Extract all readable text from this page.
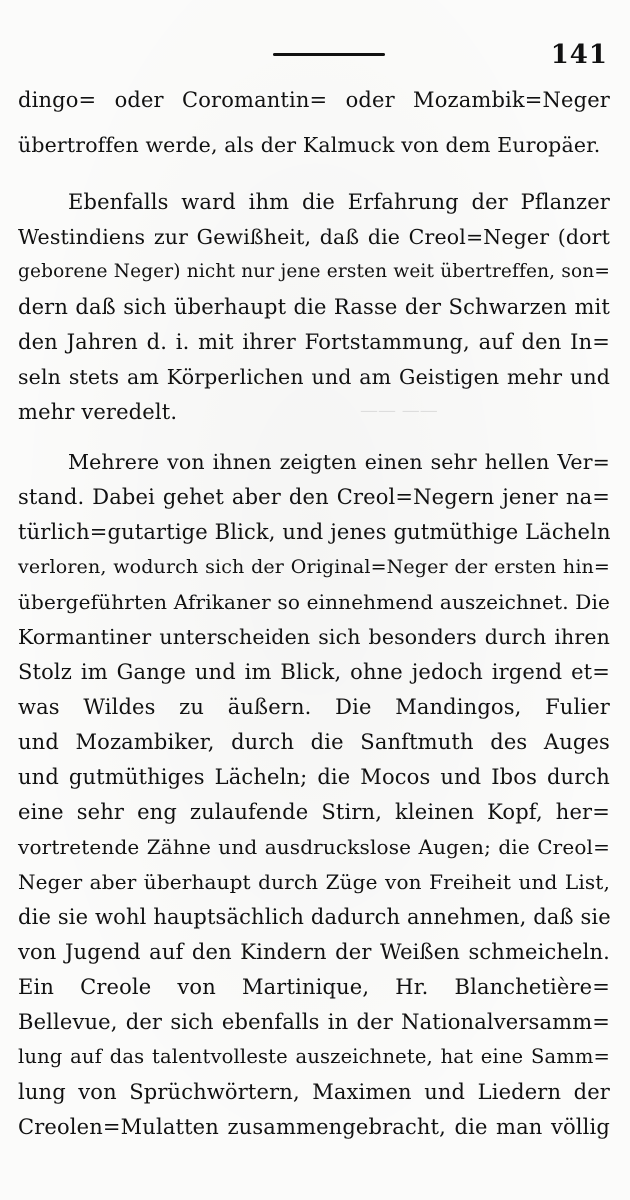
141
—— ——
dingo= oder Coromantin= oder Mozambik=Neger
übertroffen werde, als der Kalmuck von dem Europäer.
Ebenfalls ward ihm die Erfahrung der Pflanzer
Westindiens zur Gewißheit, daß die Creol=Neger (dort
geborene Neger) nicht nur jene ersten weit übertreffen, son=
dern daß sich überhaupt die Rasse der Schwarzen mit
den Jahren d. i. mit ihrer Fortstammung, auf den In=
seln stets am Körperlichen und am Geistigen mehr und
mehr veredelt.
Mehrere von ihnen zeigten einen sehr hellen Ver=
stand. Dabei gehet aber den Creol=Negern jener na=
türlich=gutartige Blick, und jenes gutmüthige Lächeln
verloren, wodurch sich der Original=Neger der ersten hin=
übergeführten Afrikaner so einnehmend auszeichnet. Die
Kormantiner unterscheiden sich besonders durch ihren
Stolz im Gange und im Blick, ohne jedoch irgend et=
was Wildes zu äußern. Die Mandingos, Fulier
und Mozambiker, durch die Sanftmuth des Auges
und gutmüthiges Lächeln; die Mocos und Ibos durch
eine sehr eng zulaufende Stirn, kleinen Kopf, her=
vortretende Zähne und ausdruckslose Augen; die Creol=
Neger aber überhaupt durch Züge von Freiheit und List,
die sie wohl hauptsächlich dadurch annehmen, daß sie
von Jugend auf den Kindern der Weißen schmeicheln.
Ein Creole von Martinique, Hr. Blanchetière=
Bellevue, der sich ebenfalls in der Nationalversamm=
lung auf das talentvolleste auszeichnete, hat eine Samm=
lung von Sprüchwörtern, Maximen und Liedern der
Creolen=Mulatten zusammengebracht, die man völlig
